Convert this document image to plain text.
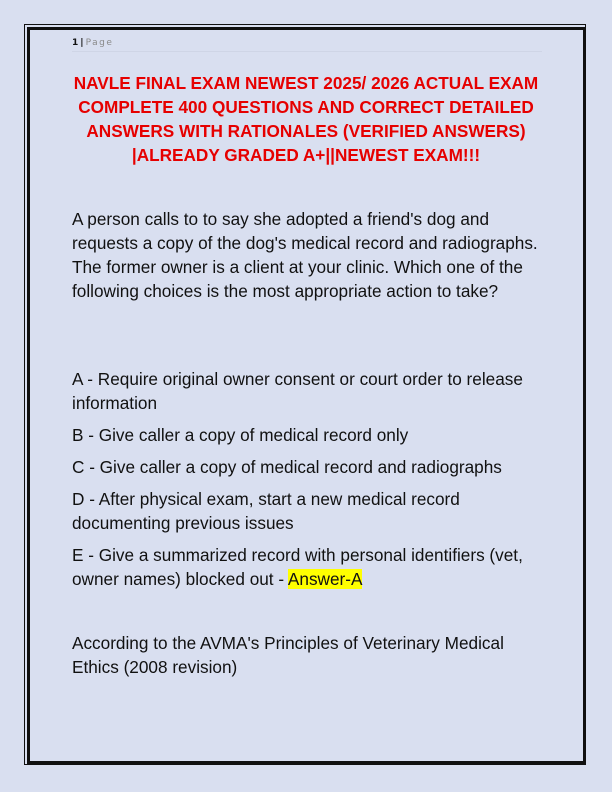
1 | Page
NAVLE FINAL EXAM NEWEST 2025/ 2026 ACTUAL EXAM COMPLETE 400 QUESTIONS AND CORRECT DETAILED ANSWERS WITH RATIONALES (VERIFIED ANSWERS) |ALREADY GRADED A+||NEWEST EXAM!!!
A person calls to to say she adopted a friend's dog and requests a copy of the dog's medical record and radiographs. The former owner is a client at your clinic. Which one of the following choices is the most appropriate action to take?
A - Require original owner consent or court order to release information
B - Give caller a copy of medical record only
C - Give caller a copy of medical record and radiographs
D - After physical exam, start a new medical record documenting previous issues
E - Give a summarized record with personal identifiers (vet, owner names) blocked out - Answer-A
According to the AVMA's Principles of Veterinary Medical Ethics (2008 revision)
